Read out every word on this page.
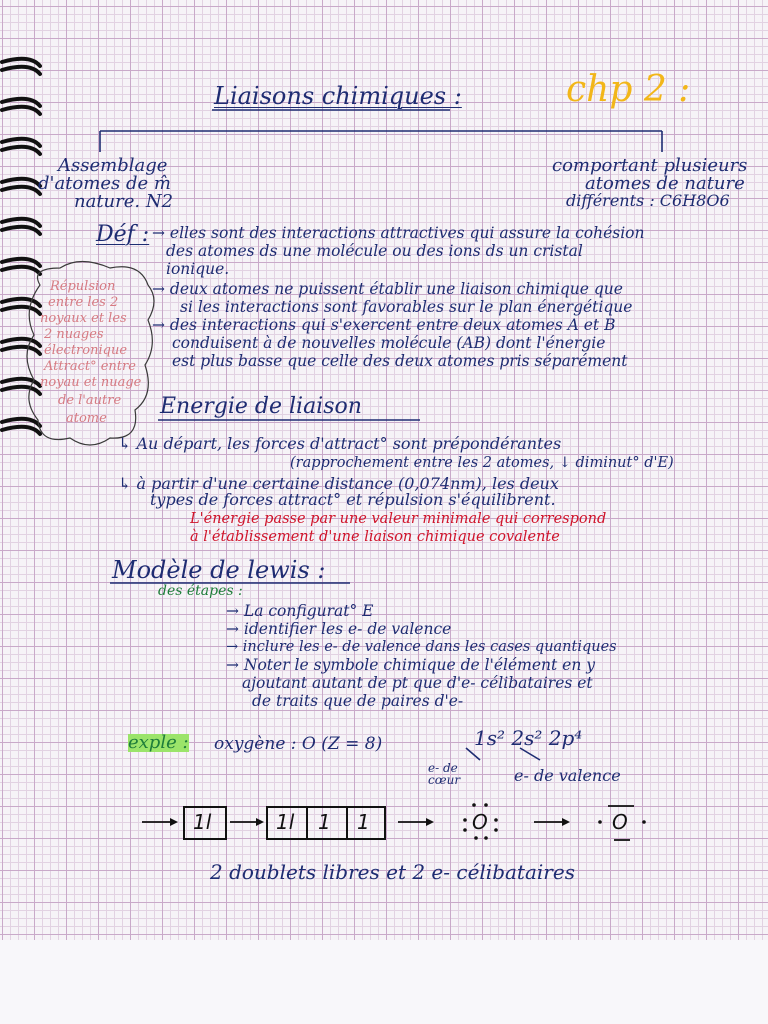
Liaisons chimiques :	chp 2 :
Assemblage
d'atomes de m̂
nature. N2
comportant plusieurs
atomes de nature
différents : C6H8O6
Déf : → elles sont des interactions attractives qui assure la cohésion
des atomes ds une molécule ou des ions ds un cristal
ionique.
→ deux atomes ne puissent établir une liaison chimique que
si les interactions sont favorables sur le plan énergétique
→ des interactions qui s'exercent entre deux atomes A et B
conduisent à de nouvelles molécule (AB) dont l'énergie
est plus basse que celle des deux atomes pris séparément
Répulsion
entre les 2
noyaux et les
2 nuages
électronique
Attract° entre
noyau et nuage
de l'autre
atome Energie de liaison
↳ Au départ, les forces d'attract° sont prépondérantes
(rapprochement entre les 2 atomes, ↓ diminut° d'E)
↳ à partir d'une certaine distance (0,074nm), les deux
types de forces attract° et répulsion s'équilibrent.
L'énergie passe par une valeur minimale qui correspond
à l'établissement d'une liaison chimique covalente
Modèle de lewis :
des étapes :
→ La configurat° E
→ identifier les e- de valence
→ inclure les e- de valence dans les cases quantiques
→ Noter le symbole chimique de l'élément en y
ajoutant autant de pt que d'e- célibataires et
de traits que de paires d'e-
exple : oxygène : O (Z = 8)	1s² 2s² 2p⁴
e- de cœur	e- de valence
1l	1l 1 1	O	O
2 doublets libres et 2 e- célibataires
